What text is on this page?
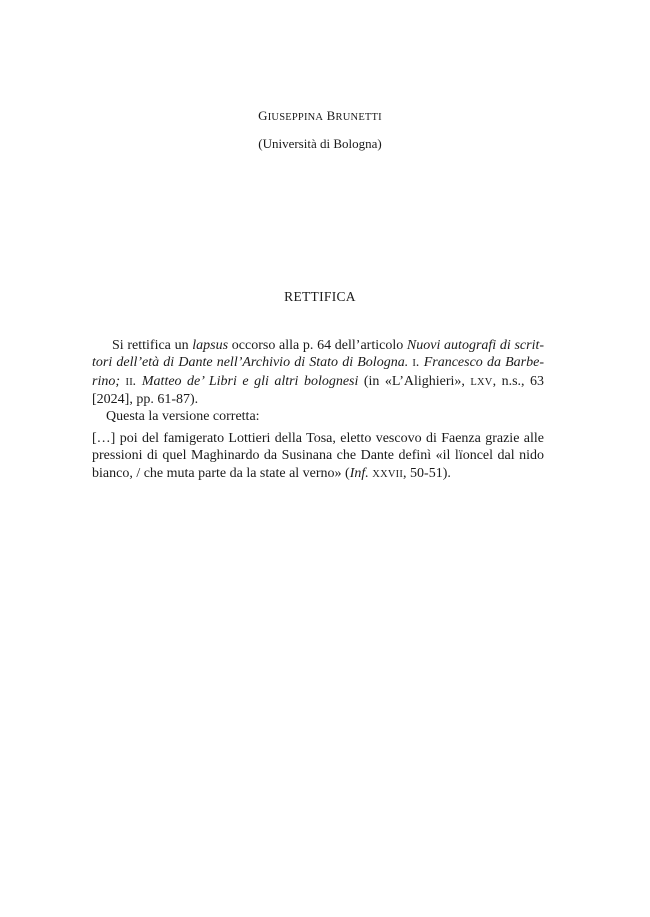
GIUSEPPINA BRUNETTI
(Università di Bologna)
RETTIFICA
Si rettifica un lapsus occorso alla p. 64 dell’articolo Nuovi autografi di scrit-
tori dell’età di Dante nell’Archivio di Stato di Bologna. I. Francesco da Barbe-
rino; II. Matteo de’ Libri e gli altri bolognesi (in «L’Alighieri», LXV, n.s., 63
[2024], pp. 61-87).
Questa la versione corretta:
[…] poi del famigerato Lottieri della Tosa, eletto vescovo di Faenza grazie alle
pressioni di quel Maghinardo da Susinana che Dante definì «il lïoncel dal nido
bianco, / che muta parte da la state al verno» (Inf. XXVII, 50-51).
